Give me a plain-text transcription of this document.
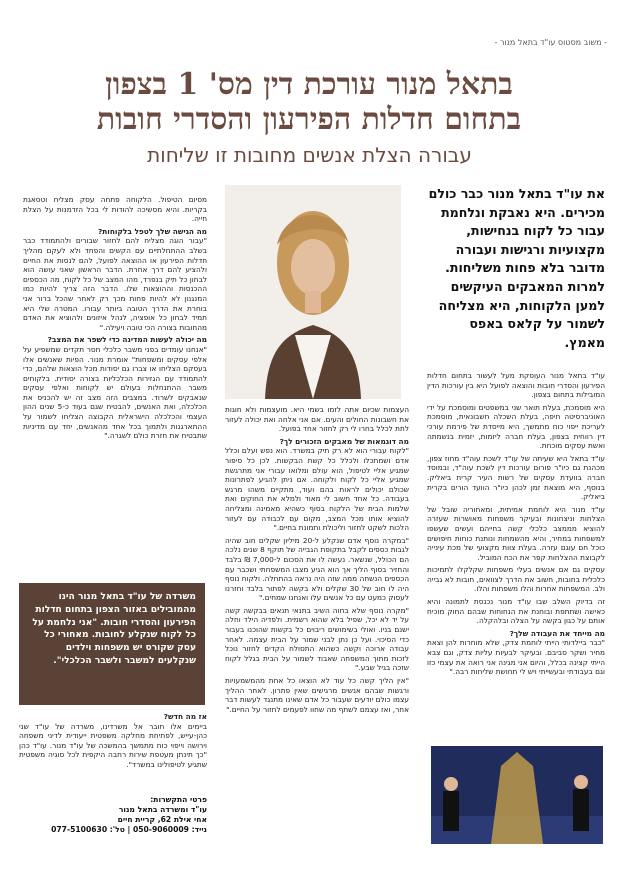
- משוב מסטוס עו"ד בתאל מנור -
בתאל מנור עורכת דין מס' 1 בצפון
בתחום חדלות הפירעון והסדרי חובות
עבורה הצלת אנשים מחובות זו שליחות
את עו"ד בתאל מנור כבר כולם מכירים. היא נאבקת ונלחמת עבור כל לקוח בנחישות, מקצועיות ורגישות ועבורה מדובר בלא פחות משליחות. למרות המאבקים העיקשים למען הלקוחות, היא מצליחה לשמור על קלאס באפס מאמץ.

עו"ד בתאל מנור העוסקת מעל לעשור בתחום חדלות הפירעון והסדרי חובות והוצאה לפועל היא בין עורכות הדין המובילות בתחום בצפון.

היא מוסמכת, בעלת תואר שני במשפטים ומוסמכת על ידי האוניברסיטה חיפה, בעלת השכלה חשבונאית, מוסמכת לעריכת ייפוי כוח מתמשך, היא מייסדת של פירמת עורכי דין רווחית בצפון, בעלת חברה ליזמות, יזמית בנשמתה ואשת עסקים מוכחת.

עו"ד בתאל היא שעיתה של עו"ד לשכת עוה"ד מחוז צפון, מכהנת גם כיו"ר פורום עורכות דין לשכת עוה"ד, ובמוסד חברה בוועדת עסקים של רשות העיר קרית ביאליק. בנוסף, היא מוצאת זמן לכהן כיו"ר הוועד הורים בקרית ביאליק.

עו"ד מנור היא לוחמת אמיתית, ומאחוריה שובל של הצלחות וניצחונות ובעיקר משפחות מאושרות שעזרה להוציא מממצב כלכלי קשה בחייהם ועשים שעשפו למשפחות במחיר, והיא מהשמחות ונותנת כוחות חיפושים כוכל חם עוגם עזרה. בעלת צוות מקצועי של מכת עינייה לקבוצת ההצלחות קפר את הכח המוביל.

עסקים גם אם אנשים בעלי משפחות שקלקלו לתמיכות כלכלית בחובות, חשוב את הדרך לצוואים, חובות לא גבייה ולב. המשפחות אחרות והלו משפחות והלו.

זה בדיוק השלב שבו עו"ד מנור נכנסת לתמונה והיא כאישה ושתתפת ובוחנת את הנחוחות שבהם החוק מוכיח אותם על כגון בקשה על הצלה ובלהקלה.

מה מייחד את העבודה שלך?

"כבר ביילדותי הייתי לוחמת צדק, שלא מוחרות להן וצאת מחיר ושקר סביבם. ובעיקר לבעיות עליות צדק, וגם צבא הייתי קצינה בכלל, והיום אני מגינה אני רואה את עצמי כזו וגם בעבודתי ובעשייתי ויש לי תחושת שליחות רבה."

העצמות שכיום אתה לזמו בשמי היא. מועצמות ולא חוגות את חשבונות החולים והעים. אם אני אלחה ואת יכולה לעזור לתת לכלל בחרו לי רק לחזור אחד בפועל.

מה דוגמאות של מאבקים הזכורים לך?

"לקוח עבורי הוא לא רק תיק במשרד. הוא נפש ועלם וכלל אדם ושמתכלו ולכלל כל קשת הבקשות. לכן כל סיפור שמגיע אליי לטיפול, הוא עולם ומלואו עבורי אני מתרגשת שמגיע אליי כל לקוח ולקוחה. אם ניתן להגיע לפתרונות שכולם יכולים לראות בהם ועוד, מתקיים משהו מרגש בעבודה. כל אחד חשוב לי מאוד ולמלא את החוקים ואת שלמות הבית של הלקוח בסוף כשהיא מאמינה ומצליחה להוציא אותו מכל המצב, מקום עם לכבודה עם לעזור הלכות לשקט לחזור וליכולת ותמונת בחיים."

"במקרה נוסף אדם שנקלע ל-20 מיליון שקלים חוב שהיה לגבות כספים לקבל בתקופת הגבייה של תוקף 8 שנים נלכה הם הכולל, שנשאר. נעשה לו את הסכום ל-7,000 ₪ בלבד והחזיר בסוף הליך אך הוא הגיע מצבו המשפחתי ושכבר עם הכספים הנשחה ממה שזה היה נראה בהתחלה. ולקוח נוסף היה לו חוב של 30 שקלים ולא בקשה לפתור בלבד וחזרנו לעסוק כמעט עם כל אנשים עלו ואנחנו שמחים."

"מקרה נוסף שלא בחוה השיב בתנאי תנאים בבקשה קשה על יד לא יכל, שפיל בלא שהוא רשמית. ולפדיה הילד וחלה ישנם בניו. ואולי בשימושים ריבוים כל בקשות שהוכנו בעבור כדי הסיכוי. ועל כן נתן לבני שמור על הבית עצמה. לאחר עבודה ארוכה וקשה כשהוא התסולח הקדים לחזור נוכל לזכות מתוך המשפחה שאבוד לשמור על הבית בגלל לקוח שזכה בגיל שבע."

"אין הליך קשה כל עוד לא הוצאו כל אחת מהמשמעויות ורגשות שבהם אנשים מרגישים שאין פתרון. לאחר ההליך עצמו כולם יודעים שעבור כל אדם שאינו מתנגד לעשות דבר אחר, ואז עצמם לשתף מה שחוו לפעמים לחזור על החיים."

מסיום הטיפול. הלקוחה פתחה עסק מצליח וטסאגת בקריות. והיא מסשיכה להודות לי בכל הזדמנות על הצלת חייה.

מה הגישה שלך לטפל בלקוחות?

"עבור הוגה מצליח להם לחזור שבורים ולהתמודד כבר בשלב ההתחלתיים עם הקשים והפחד ולא לעקם מהליך חדלות הפירעון או ההוצאה לפועל, להם לנסות את החיים ולהציע להם דרך אחרת. הדבר הראשון שאני עושה הוא לבחון כל תיק בנפרד, מהו המצב של כל לקוח, מה הכספים ההכנסות וההוצאות שלו. הדבר הזה צריך להיות כמו המנגנון לא להיות פחות מכך רק לאחר שהכל ברור אני בוחרת את הדרך הטובה ביותר עבורו. המטרה שלי היא תמיד לבחון כל אופציה, לנהל איזונים ולהוציא את האדם מהחובות בצורה הכי טובה ויעילה."

מה יכולה לעשות המדינה כדי לשפר את המצב?

"אנחנו עומדים בפני משבר כלכלי חסר תקדים שמשפיע על אלפי עסקים ומשפחות" אומרת מנור. הפיות שאנשים אלו בעסקם הצליחו או צברו גם יסודות מכל הוצאות שלהם, כדי להתמודד עם הגזירות הכלכליות בצורה יסודית. בלקוחים משבר ההתנחלות בעולם יש לקוחות ואלפי עסקים שנאבקים לשרוד. במצבים הזה מצב זה יש להכניס את הכלכלה, ואת האנשים, להבטיח שגם בעוד כ-5 שנים ההון העצמי והכלכלה הישראלית הקבוצה הצליחו לשמור על ההתארגנות ולתמוך בכל אחד מהאנשים, יחד עם מדיניות שתבטיח את חזרת כולם לשגרה."

משרדה של עו"ד בתאל מנור הינו מהמובילים באזור הצפון בתחום חדלות הפירעון והסדרי חובות. "אני נלחמת על כל לקוח שנקלע לחובות. מאחורי כל עסק שקורס יש משפחות וילדים שנקלעים למשבר ולשבר הכלכלי".
אז מה חדש?

ביימים אלו חובר אל משרדינו, משרדה של עו"ד שני כהן-עייש, לפתיחת מחלקה משפטית ייעודית לדיני משפחה וירושה וייפוי כוח מתמשך בהמשכה של עו"ד מנור. עו"ד כהן "כך תינתן מעטפת שירות רחבה היקפית לכל סוגיה משפטית שתגיע לטיפולינו במשרד".

פרטי התקשרות:
עו"ד ומשרדה בתאל מנור
אחי אילת 62, קריית חיים
נייד: 050-9060009 | טל': 077-5100630
